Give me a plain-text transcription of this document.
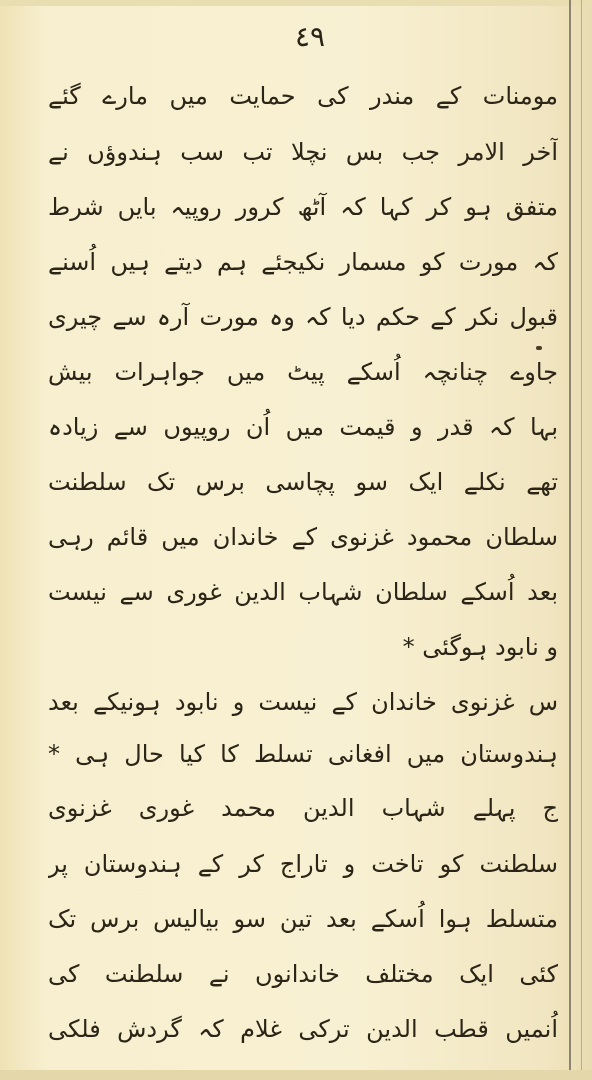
٤٩
مومنات کے مندر کی حمایت میں مارے گئے
آخر الامر جب بس نچلا تب سب ہندوؤں نے
متفق ہو کر کہا کہ آٹھ کرور روپیہ بایں شرط
کہ مورت کو مسمار نکیجئے ہم دیتے ہیں اُسنے
قبول نکر کے حکم دیا کہ وہ مورت آرہ سے چیری
جاوے چنانچہ اُسکے پیٹ میں جواہرات بیش
بہا کہ قدر و قیمت میں اُن روپیوں سے زیادہ
تھے نکلے ایک سو پچاسی برس تک سلطنت
سلطان محمود غزنوی کے خاندان میں قائم رہی
بعد اُسکے سلطان شہاب الدین غوری سے نیست
و نابود ہوگئی *
س غزنوی خاندان کے نیست و نابود ہونیکے بعد
ہندوستان میں افغانی تسلط کا کیا حال ہی *
ج پہلے شہاب الدین محمد غوری غزنوی
سلطنت کو تاخت و تاراج کر کے ہندوستان پر
متسلط ہوا اُسکے بعد تین سو بیالیس برس تک
کئی ایک مختلف خاندانوں نے سلطنت کی
اُنمیں قطب الدین ترکی غلام کہ گردش فلکی
